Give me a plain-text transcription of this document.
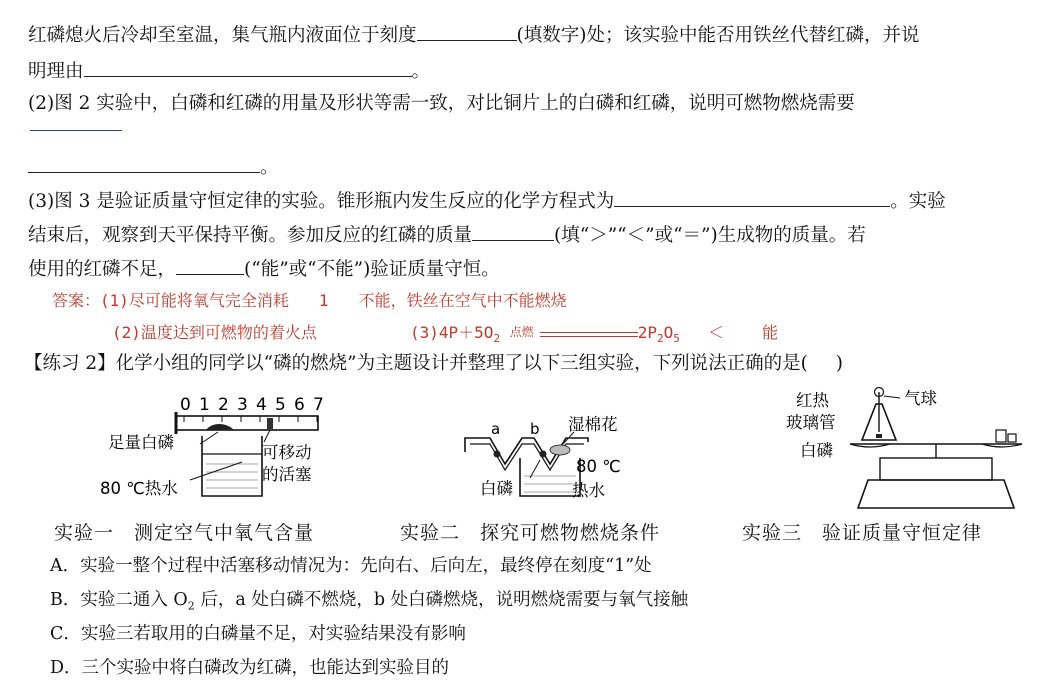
红磷熄火后冷却至室温，集气瓶内液面位于刻度	(填数字)处；该实验中能否用铁丝代替红磷，并说
明理由	。
(2)图 2 实验中，白磷和红磷的用量及形状等需一致，对比铜片上的白磷和红磷，说明可燃物燃烧需要
。
(3)图 3 是验证质量守恒定律的实验。锥形瓶内发生反应的化学方程式为	。实验
结束后，观察到天平保持平衡。参加反应的红磷的质量	(填“＞”“＜”或“＝”)生成物的质量。若
使用的红磷不足，	(“能”或“不能”)验证质量守恒。
答案：(1)尽可能将氧气完全消耗 1 不能，铁丝在空气中不能燃烧
(2)温度达到可燃物的着火点	$(3)4P+5O_2$
点燃	$2P_2O_5$ ＜ 能
【练习 2】化学小组的同学以“磷的燃烧”为主题设计并整理了以下三组实验，下列说法正确的是( )
0 1 2 3 4 5 6 7
足量白磷
80 ℃热水
可移动
的活塞
a b 湿棉花
80 ℃
白磷	热水
气球
红热
玻璃管
白磷
实验一　测定空气中氧气含量	实验二　探究可燃物燃烧条件	实验三　验证质量守恒定律
A．实验一整个过程中活塞移动情况为：先向右、后向左，最终停在刻度“1”处
B．实验二通入 $O_2$ 后，a 处白磷不燃烧，b 处白磷燃烧，说明燃烧需要与氧气接触
C．实验三若取用的白磷量不足，对实验结果没有影响
D．三个实验中将白磷改为红磷，也能达到实验目的
